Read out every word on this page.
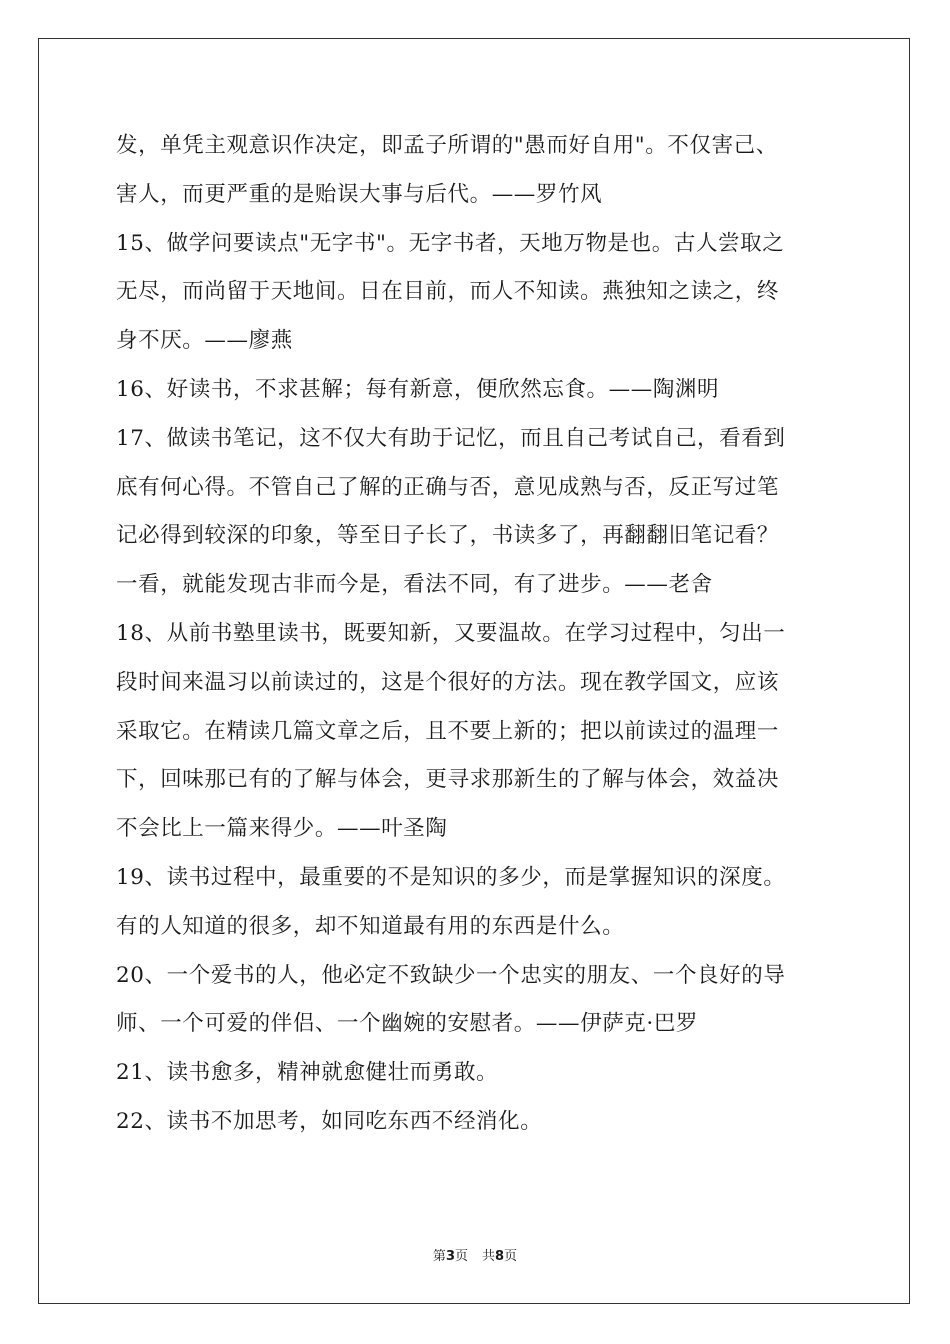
发，单凭主观意识作决定，即孟子所谓的"愚而好自用"。不仅害己、
害人，而更严重的是贻误大事与后代。——罗竹风
15、做学问要读点"无字书"。无字书者，天地万物是也。古人尝取之
无尽，而尚留于天地间。日在目前，而人不知读。燕独知之读之，终
身不厌。——廖燕
16、好读书，不求甚解；每有新意，便欣然忘食。——陶渊明
17、做读书笔记，这不仅大有助于记忆，而且自己考试自己，看看到
底有何心得。不管自己了解的正确与否，意见成熟与否，反正写过笔
记必得到较深的印象，等至日子长了，书读多了，再翻翻旧笔记看？
一看，就能发现古非而今是，看法不同，有了进步。——老舍
18、从前书塾里读书，既要知新，又要温故。在学习过程中，匀出一
段时间来温习以前读过的，这是个很好的方法。现在教学国文，应该
采取它。在精读几篇文章之后，且不要上新的；把以前读过的温理一
下，回味那已有的了解与体会，更寻求那新生的了解与体会，效益决
不会比上一篇来得少。——叶圣陶
19、读书过程中，最重要的不是知识的多少，而是掌握知识的深度。
有的人知道的很多，却不知道最有用的东西是什么。
20、一个爱书的人，他必定不致缺少一个忠实的朋友、一个良好的导
师、一个可爱的伴侣、一个幽婉的安慰者。——伊萨克·巴罗
21、读书愈多，精神就愈健壮而勇敢。
22、读书不加思考，如同吃东西不经消化。
第3页 共8页
